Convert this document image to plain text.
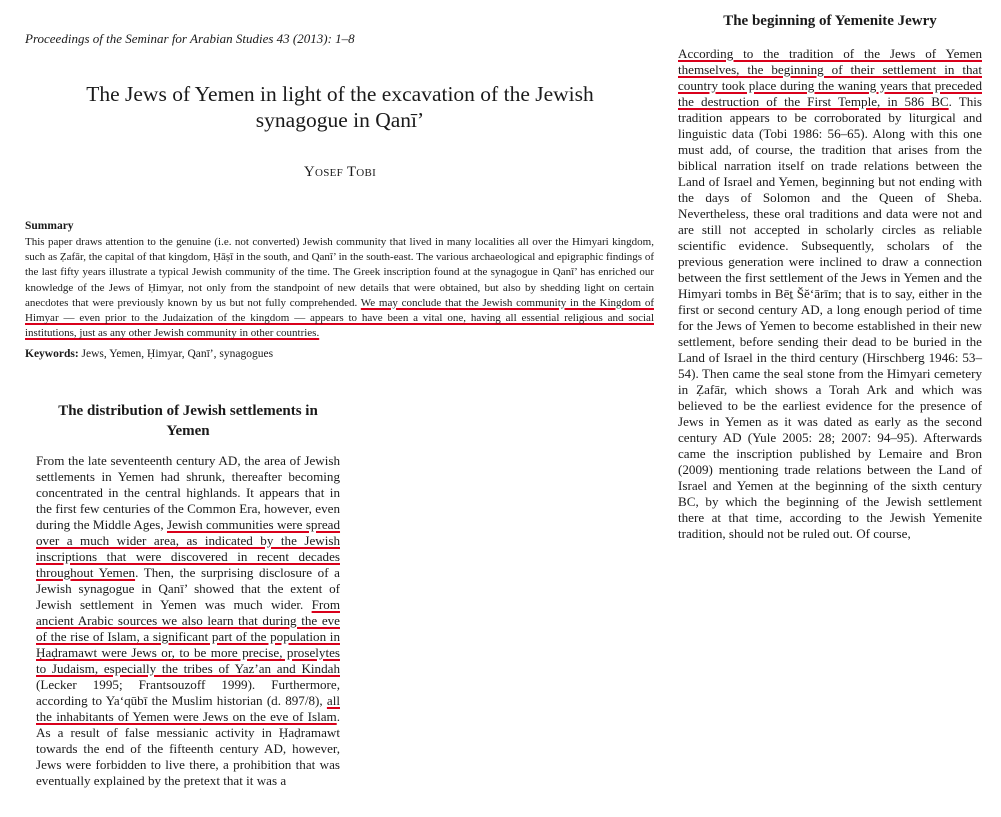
Proceedings of the Seminar for Arabian Studies 43 (2013): 1–8
The Jews of Yemen in light of the excavation of the Jewish synagogue in Qanī’
Yosef Tobi
Summary
This paper draws attention to the genuine (i.e. not converted) Jewish community that lived in many localities all over the Himyari kingdom, such as Ẓafār, the capital of that kingdom, Ḥāṣī in the south, and Qanī’ in the south-east. The various archaeological and epigraphic findings of the last fifty years illustrate a typical Jewish community of the time. The Greek inscription found at the synagogue in Qanī’ has enriched our knowledge of the Jews of Ḥimyar, not only from the standpoint of new details that were obtained, but also by shedding light on certain anecdotes that were previously known by us but not fully comprehended. We may conclude that the Jewish community in the Kingdom of Himyar — even prior to the Judaization of the kingdom — appears to have been a vital one, having all essential religious and social institutions, just as any other Jewish community in other countries.
Keywords: Jews, Yemen, Ḥimyar, Qanī’, synagogues
The distribution of Jewish settlements in Yemen
From the late seventeenth century AD, the area of Jewish settlements in Yemen had shrunk, thereafter becoming concentrated in the central highlands. It appears that in the first few centuries of the Common Era, however, even during the Middle Ages, Jewish communities were spread over a much wider area, as indicated by the Jewish inscriptions that were discovered in recent decades throughout Yemen. Then, the surprising disclosure of a Jewish synagogue in Qanī’ showed that the extent of Jewish settlement in Yemen was much wider. From ancient Arabic sources we also learn that during the eve of the rise of Islam, a significant part of the population in Ḥaḍramawt were Jews or, to be more precise, proselytes to Judaism, especially the tribes of Yaz’an and Kindah (Lecker 1995; Frantsouzoff 1999). Furthermore, according to Ya‘qūbī the Muslim historian (d. 897/8), all the inhabitants of Yemen were Jews on the eve of Islam. As a result of false messianic activity in Ḥaḍramawt towards the end of the fifteenth century AD, however, Jews were forbidden to live there, a prohibition that was eventually explained by the pretext that it was a
The beginning of Yemenite Jewry
According to the tradition of the Jews of Yemen themselves, the beginning of their settlement in that country took place during the waning years that preceded the destruction of the First Temple, in 586 BC. This tradition appears to be corroborated by liturgical and linguistic data (Tobi 1986: 56–65). Along with this one must add, of course, the tradition that arises from the biblical narration itself on trade relations between the Land of Israel and Yemen, beginning but not ending with the days of Solomon and the Queen of Sheba. Nevertheless, these oral traditions and data were not and are still not accepted in scholarly circles as reliable scientific evidence. Subsequently, scholars of the previous generation were inclined to draw a connection between the first settlement of the Jews in Yemen and the Himyari tombs in Bēṯ Šĕ‘ārīm; that is to say, either in the first or second century AD, a long enough period of time for the Jews of Yemen to become established in their new settlement, before sending their dead to be buried in the Land of Israel in the third century (Hirschberg 1946: 53–54). Then came the seal stone from the Himyari cemetery in Ẓafār, which shows a Torah Ark and which was believed to be the earliest evidence for the presence of Jews in Yemen as it was dated as early as the second century AD (Yule 2005: 28; 2007: 94–95). Afterwards came the inscription published by Lemaire and Bron (2009) mentioning trade relations between the Land of Israel and Yemen at the beginning of the sixth century BC, by which the beginning of the Jewish settlement there at that time, according to the Jewish Yemenite tradition, should not be ruled out. Of course,
